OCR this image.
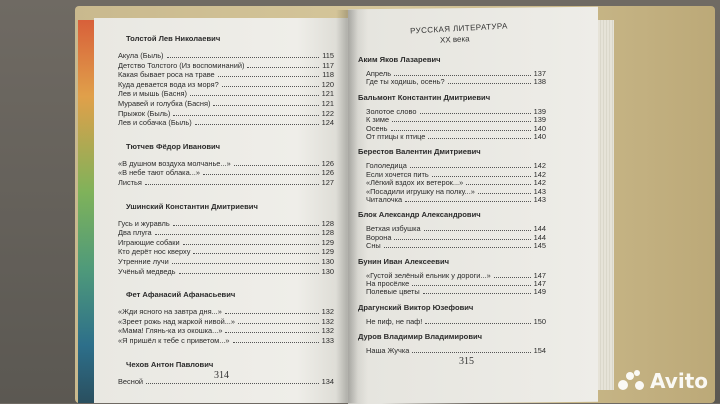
РУССКАЯ ЛИТЕРАТУРА
XX века
Толстой Лев Николаевич
Акула (Быль)	115
Детство Толстого (Из воспоминаний)	117
Какая бывает роса на траве	118
Куда девается вода из моря?	120
Лев и мышь (Басня)	121
Муравей и голубка (Басня)	121
Прыжок (Быль)	122
Лев и собачка (Быль)	124
Тютчев Фёдор Иванович
«В душном воздуха молчанье...»	126
«В небе тают облака...»	126
Листья	127
Ушинский Константин Дмитриевич
Гусь и журавль	128
Два плуга	128
Играющие собаки	129
Кто дерёт нос кверху	129
Утренние лучи	130
Учёный медведь	130
Фет Афанасий Афанасьевич
«Жди ясного на завтра дня...»	132
«Зреет рожь над жаркой нивой...»	132
«Мама! Глянь-ка из окошка...»	132
«Я пришёл к тебе с приветом...»	133
Чехов Антон Павлович
Весной	134
Аким Яков Лазаревич
Апрель	137
Где ты ходишь, осень?	138
Бальмонт Константин Дмитриевич
Золотое слово	139
К зиме	139
Осень	140
От птицы к птице	140
Берестов Валентин Дмитриевич
Гололедица	142
Если хочется пить	142
«Лёгкий вздох их ветерок...»	142
«Посадили игрушку на полку...»	143
Читалочка	143
Блок Александр Александрович
Ветхая избушка	144
Ворона	144
Сны	145
Бунин Иван Алексеевич
«Густой зелёный ельник у дороги...»	147
На просёлке	147
Полевые цветы	149
Драгунский Виктор Юзефович
Не пиф, не паф!	150
Дуров Владимир Владимирович
Наша Жучка	154
314
315
Avito
